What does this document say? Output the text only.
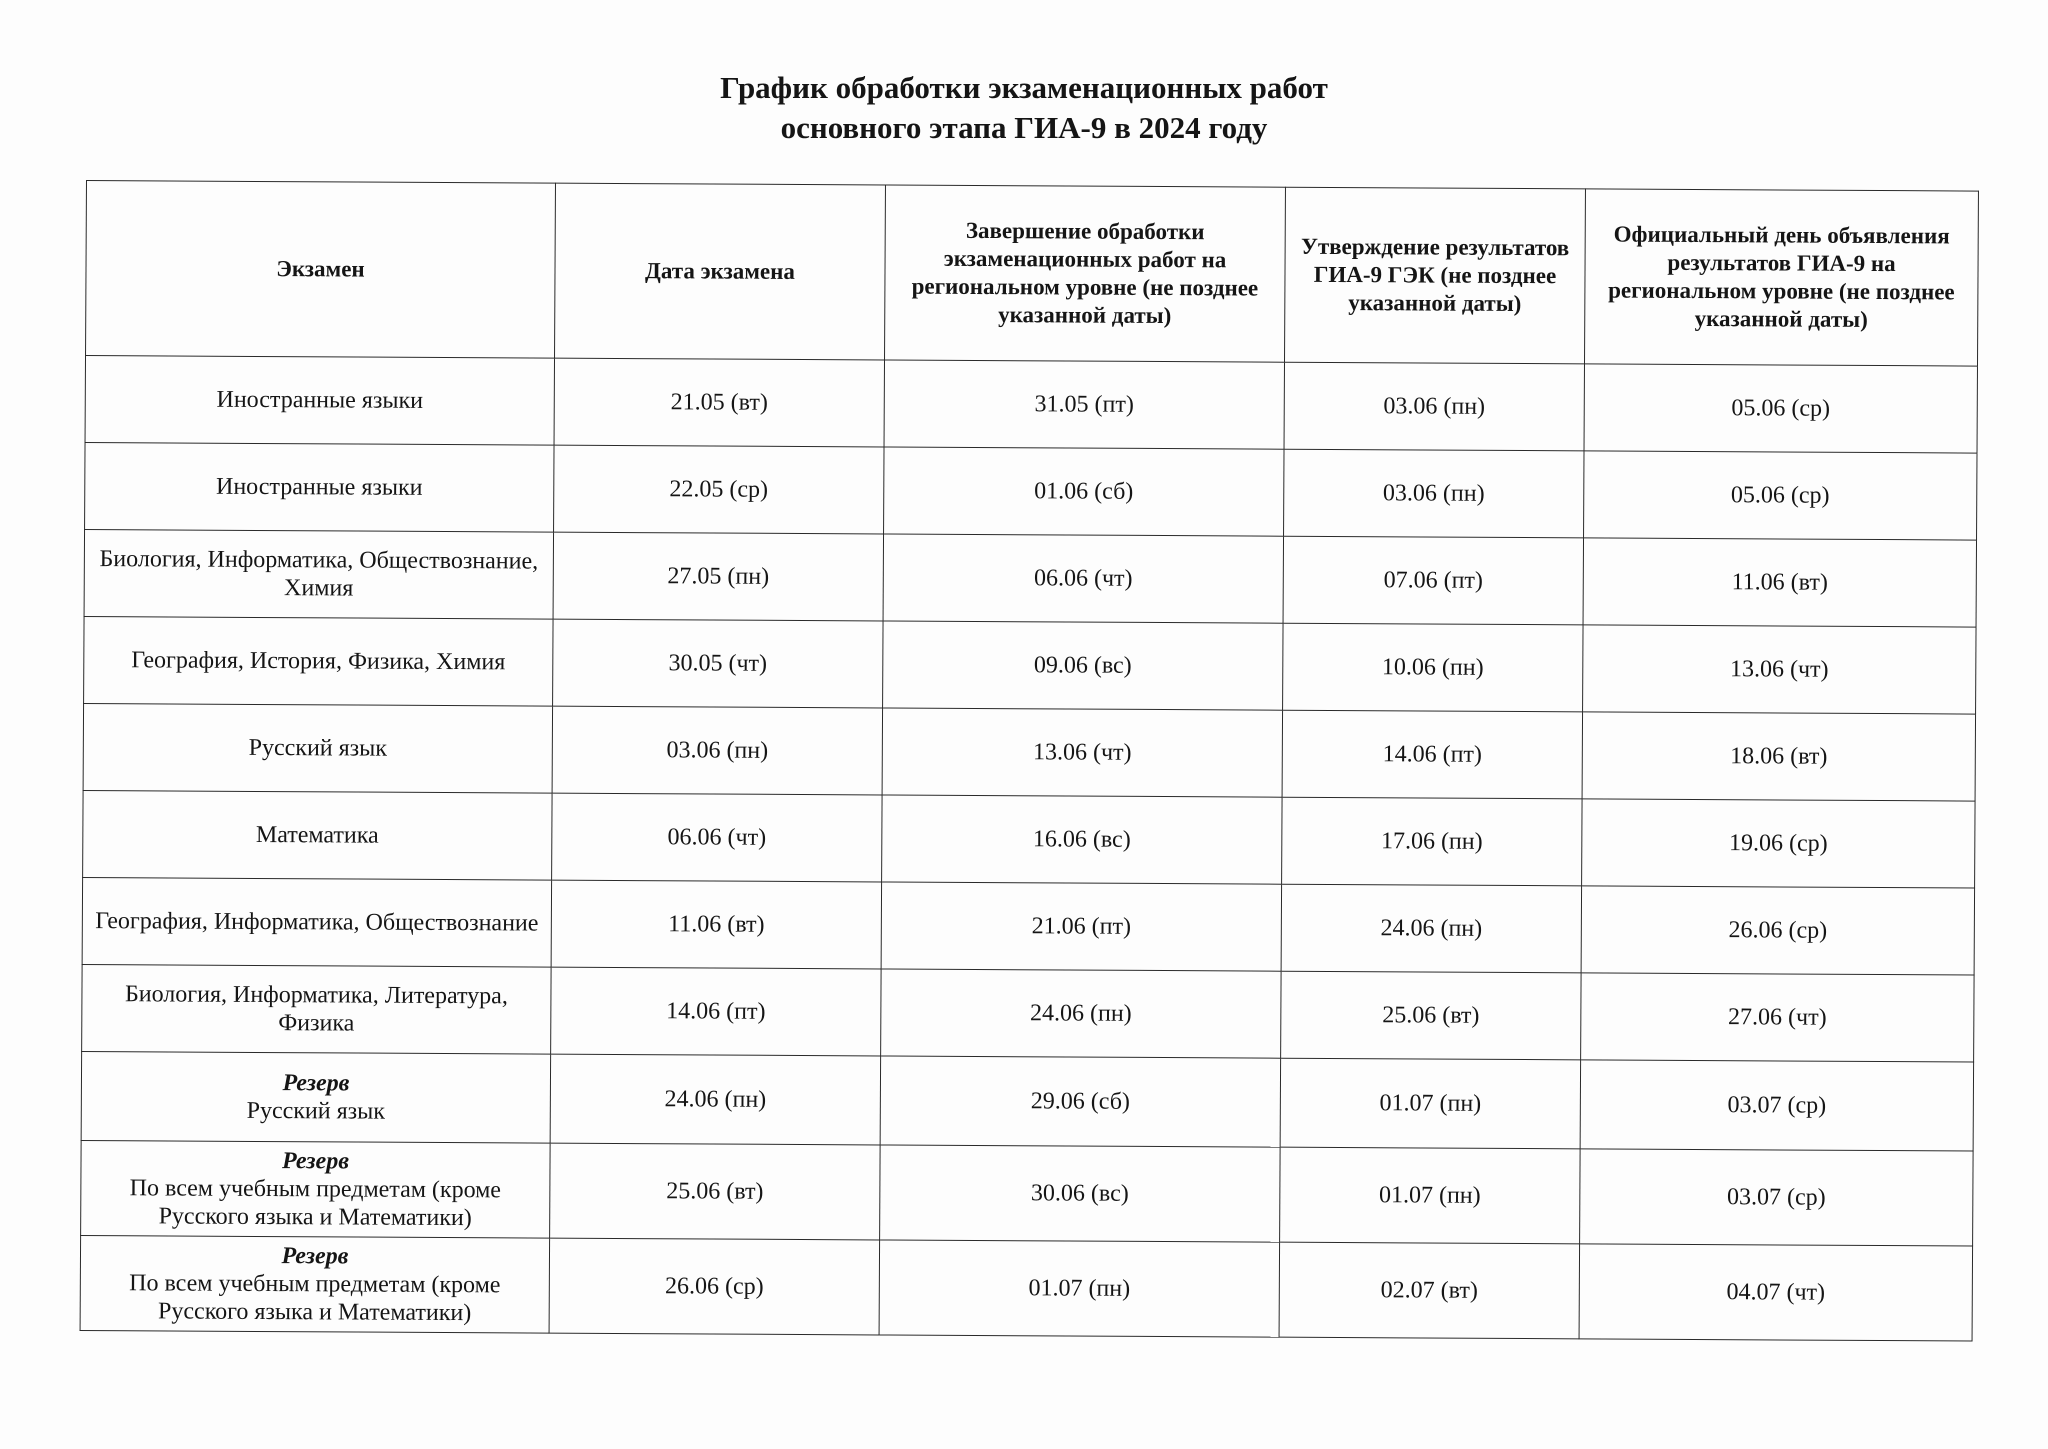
График обработки экзаменационных работ
основного этапа ГИА-9 в 2024 году
Экзамен	Дата экзамена	Завершение обработки экзаменационных работ на региональном уровне (не позднее указанной даты)	Утверждение результатов ГИА-9 ГЭК (не позднее указанной даты)	Официальный день объявления результатов ГИА-9 на региональном уровне (не позднее указанной даты)

Иностранные языки	21.05 (вт)	31.05 (пт)	03.06 (пн)	05.06 (ср)

Иностранные языки	22.05 (ср)	01.06 (сб)	03.06 (пн)	05.06 (ср)

Биология, Информатика, Обществознание, Химия	27.05 (пн)	06.06 (чт)	07.06 (пт)	11.06 (вт)

География, История, Физика, Химия	30.05 (чт)	09.06 (вс)	10.06 (пн)	13.06 (чт)

Русский язык	03.06 (пн)	13.06 (чт)	14.06 (пт)	18.06 (вт)

Математика	06.06 (чт)	16.06 (вс)	17.06 (пн)	19.06 (ср)

География, Информатика, Обществознание	11.06 (вт)	21.06 (пт)	24.06 (пн)	26.06 (ср)

Биология, Информатика, Литература, Физика	14.06 (пт)	24.06 (пн)	25.06 (вт)	27.06 (чт)

Резерв
Русский язык	24.06 (пн)	29.06 (сб)	01.07 (пн)	03.07 (ср)

Резерв
По всем учебным предметам (кроме Русского языка и Математики)	25.06 (вт)	30.06 (вс)	01.07 (пн)	03.07 (ср)

Резерв
По всем учебным предметам (кроме Русского языка и Математики)	26.06 (ср)	01.07 (пн)	02.07 (вт)	04.07 (чт)
